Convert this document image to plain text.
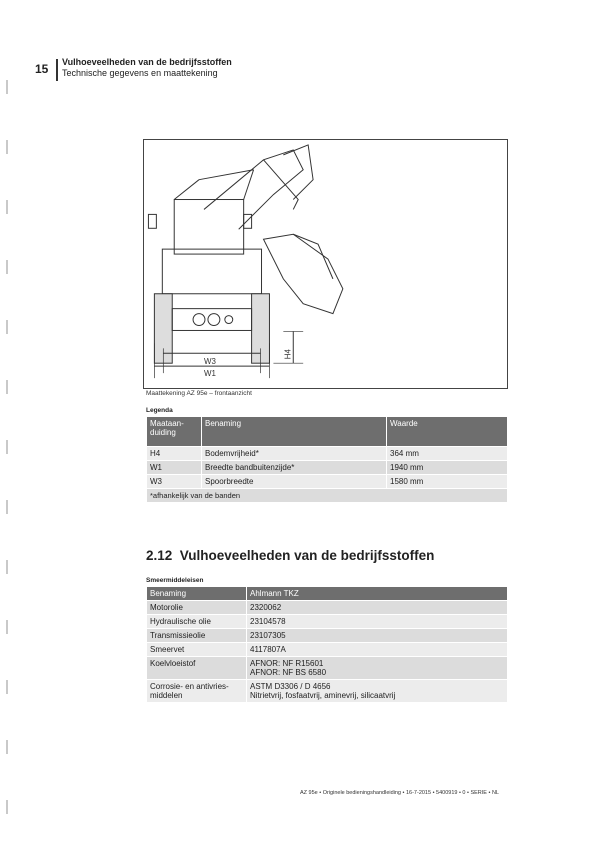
15 Vulhoeveelheden van de bedrijfsstoffen
Technische gegevens en maattekening
W3
W1
H4
Maattekening AZ 95e – frontaanzicht
Legenda
Maataan-duiding	Benaming	Waarde
H4	Bodemvrijheid*	364 mm
W1	Breedte bandbuitenzijde*	1940 mm
W3	Spoorbreedte	1580 mm
*afhankelijk van de banden		
2.12 Vulhoeveelheden van de bedrijfsstoffen
Smeermiddeleisen
Benaming	Ahlmann TKZ
Motorolie	2320062
Hydraulische olie	23104578
Transmissieolie	23107305
Smeervet	4117807A
Koelvloeistof	AFNOR: NF R15601
AFNOR: NF BS 6580

Corrosie- en antivries-middelen	ASTM D3306 / D 4656
Nitrietvrij, fosfaatvrij, aminevrij, silicaatvrij
AZ 95e • Originele bedieningshandleiding • 16-7-2015 • 5400919 • 0 • SERIE • NL
